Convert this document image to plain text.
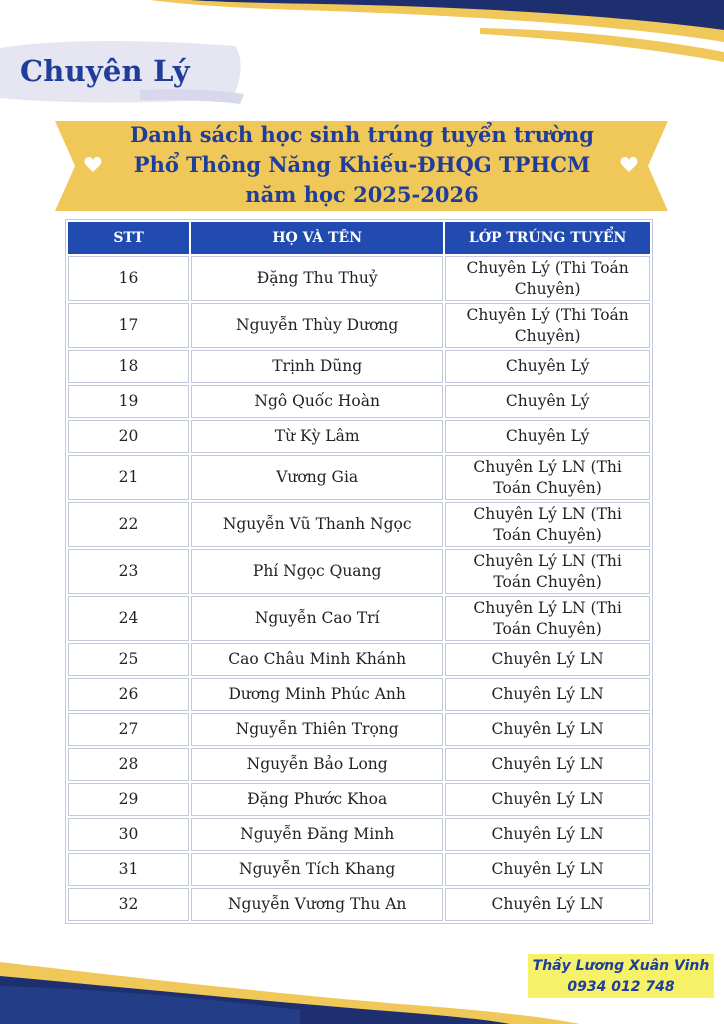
Chuyên Lý
Danh sách học sinh trúng tuyển trường
Phổ Thông Năng Khiếu-ĐHQG TPHCM
năm học 2025-2026
STT	HỌ VÀ TÊN	LỚP TRÚNG TUYỂN
16	Đặng Thu Thuỷ	Chuyên Lý (Thi Toán Chuyên)
17	Nguyễn Thùy Dương	Chuyên Lý (Thi Toán Chuyên)
18	Trịnh Dũng	Chuyên Lý
19	Ngô Quốc Hoàn	Chuyên Lý
20	Từ Kỳ Lâm	Chuyên Lý
21	Vương Gia	Chuyên Lý LN (Thi Toán Chuyên)
22	Nguyễn Vũ Thanh Ngọc	Chuyên Lý LN (Thi Toán Chuyên)
23	Phí Ngọc Quang	Chuyên Lý LN (Thi Toán Chuyên)
24	Nguyễn Cao Trí	Chuyên Lý LN (Thi Toán Chuyên)
25	Cao Châu Minh Khánh	Chuyên Lý LN
26	Dương Minh Phúc Anh	Chuyên Lý LN
27	Nguyễn Thiên Trọng	Chuyên Lý LN
28	Nguyễn Bảo Long	Chuyên Lý LN
29	Đặng Phước Khoa	Chuyên Lý LN
30	Nguyễn Đăng Minh	Chuyên Lý LN
31	Nguyễn Tích Khang	Chuyên Lý LN
32	Nguyễn Vương Thu An	Chuyên Lý LN
Thầy Lương Xuân Vinh
0934 012 748
